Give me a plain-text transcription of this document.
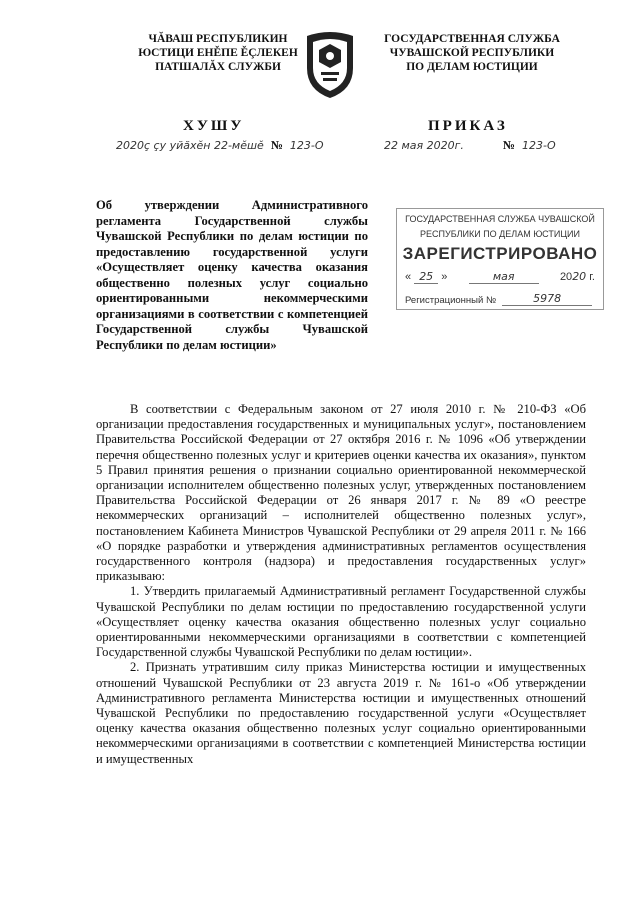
ЧĂВАШ РЕСПУБЛИКИН
ЮСТИЦИ ЕНĚПЕ ĚÇЛЕКЕН
ПАТШАЛĂХ СЛУЖБИ
ГОСУДАРСТВЕННАЯ СЛУЖБА
ЧУВАШСКОЙ РЕСПУБЛИКИ
ПО ДЕЛАМ ЮСТИЦИИ
ХУШУ	ПРИКАЗ
2020ç çу уйăхĕн 22-мĕшĕ № 123-О	22 мая 2020г.	№ 123-О
Об утверждении Административного регламента Государственной службы Чувашской Республики по делам юстиции по предоставлению государственной услуги «Осуществляет оценку качества оказания общественно полезных услуг социально ориентированными некоммерческими организациями в соответствии с компетенцией Государственной службы Чувашской Республики по делам юстиции»
ГОСУДАРСТВЕННАЯ СЛУЖБА ЧУВАШСКОЙ
РЕСПУБЛИКИ ПО ДЕЛАМ ЮСТИЦИИ
ЗАРЕГИСТРИРОВАНО
« 25 »	мая	2020 г.
Регистрационный №	5978

В соответствии с Федеральным законом от 27 июля 2010 г. № 210-ФЗ «Об организации предоставления государственных и муниципальных услуг», постановлением Правительства Российской Федерации от 27 октября 2016 г. № 1096 «Об утверждении перечня общественно полезных услуг и критериев оценки качества их оказания», пунктом 5 Правил принятия решения о признании социально ориентированной некоммерческой организации исполнителем общественно полезных услуг, утвержденных постановлением Правительства Российской Федерации от 26 января 2017 г. № 89 «О реестре некоммерческих организаций – исполнителей общественно полезных услуг», постановлением Кабинета Министров Чувашской Республики от 29 апреля 2011 г. № 166 «О порядке разработки и утверждения административных регламентов осуществления государственного контроля (надзора) и предоставления государственных услуг» приказываю:

1. Утвердить прилагаемый Административный регламент Государственной службы Чувашской Республики по делам юстиции по предоставлению государственной услуги «Осуществляет оценку качества оказания общественно полезных услуг социально ориентированными некоммерческими организациями в соответствии с компетенцией Государственной службы Чувашской Республики по делам юстиции».

2. Признать утратившим силу приказ Министерства юстиции и имущественных отношений Чувашской Республики от 23 августа 2019 г. № 161-о «Об утверждении Административного регламента Министерства юстиции и имущественных отношений Чувашской Республики по предоставлению государственной услуги «Осуществляет оценку качества оказания общественно полезных услуг социально ориентированными некоммерческими организациями в соответствии с компетенцией Министерства юстиции и имущественных
